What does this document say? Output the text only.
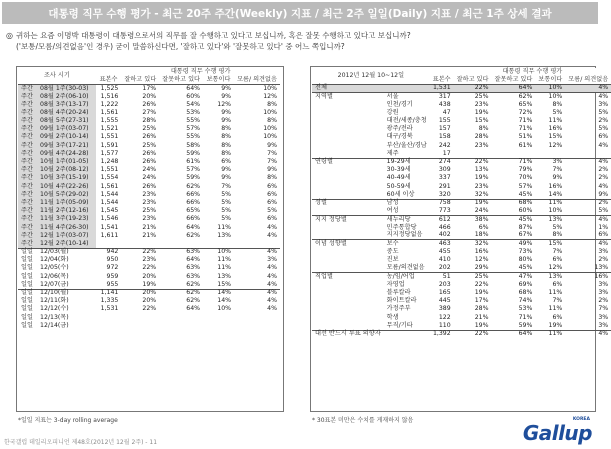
대통령 직무 수행 평가 - 최근 20주 주간(Weekly) 지표 / 최근 2주 일일(Daily) 지표 / 최근 1주 상세 결과
◎ 귀하는 요즘 이명박 대통령이 대통령으로서의 직무를 잘 수행하고 있다고 보십니까, 혹은 잘못 수행하고 있다고 보십니까?
('보통/모름/의견없음'인 경우) 굳이 말씀하신다면, '잘하고 있다'와 '잘못하고 있다' 중 어느 쪽입니까?
조사 시기			대통령 직무 수행 평가			
		표본수	잘하고 있다	잘못하고 있다	보통이다	모름/ 의견없음

주간	08월 1주(30-03)	1,525	17%	64%	9%	10%
주간	08월 2주(06-10)	1,516	20%	60%	9%	12%
주간	08월 3주(13-17)	1,222	26%	54%	12%	8%
주간	08월 4주(20-24)	1,561	27%	53%	9%	10%
주간	08월 5주(27-31)	1,555	28%	55%	9%	8%
주간	09월 1주(03-07)	1,521	25%	57%	8%	10%
주간	09월 2주(10-14)	1,551	26%	55%	8%	10%
주간	09월 3주(17-21)	1,591	25%	58%	8%	9%
주간	09월 4주(24-28)	1,577	26%	59%	8%	7%
주간	10월 1주(01-05)	1,248	26%	61%	6%	7%
주간	10월 2주(08-12)	1,551	24%	57%	9%	9%
주간	10월 3주(15-19)	1,554	24%	59%	9%	8%
주간	10월 4주(22-26)	1,561	26%	62%	7%	6%
주간	10월 5주(29-02)	1,544	23%	66%	5%	6%
주간	11월 1주(05-09)	1,544	23%	66%	5%	6%
주간	11월 2주(12-16)	1,545	25%	65%	5%	5%
주간	11월 3주(19-23)	1,546	23%	66%	5%	6%
주간	11월 4주(26-30)	1,541	21%	64%	11%	4%
주간	12월 1주(03-07)	1,611	21%	62%	13%	4%
주간	12월 2주(10-14)					
일일	12/03(월)	942	22%	63%	10%	4%
일일	12/04(화)	950	23%	64%	11%	3%
일일	12/05(수)	972	22%	63%	11%	4%
일일	12/06(목)	959	20%	63%	13%	4%
일일	12/07(금)	955	19%	62%	15%	4%
일일	12/10(월)	1,141	20%	62%	14%	4%
일일	12/11(화)	1,335	20%	62%	14%	4%
일일	12/12(수)	1,531	22%	64%	10%	4%
일일	12/13(목)					
일일	12/14(금)					
*일일 지표는 3-day rolling average
2012년 12월 10~12일			대통령 직무 수행 평가			
		표본수	잘하고 있다	잘못하고 있다	보통이다	모름/ 의견없음

전체		1,531	22%	64%	10%	4%
지역별	서울	317	25%	62%	10%	4%
	인천/경기	438	23%	65%	8%	3%
	강원	47	19%	72%	5%	5%
	대전/세종/충청	155	15%	71%	11%	2%
	광주/전라	157	8%	71%	16%	5%
	대구/경북	158	28%	51%	15%	6%
	부산/울산/경남	242	23%	61%	12%	4%
	제주	17				
연령별	19-29세	274	22%	71%	3%	4%
	30-39세	309	13%	79%	7%	2%
	40-49세	337	19%	70%	9%	2%
	50-59세	291	23%	57%	16%	4%
	60세 이상	320	32%	45%	14%	9%
성별	남성	758	19%	68%	11%	2%
	여성	773	24%	60%	10%	5%
지지 정당별	새누리당	612	38%	45%	13%	4%
	민주통합당	466	6%	87%	5%	1%
	지지정당없음	402	18%	67%	8%	6%
이념 성향별	보수	463	32%	49%	15%	4%
	중도	455	16%	73%	7%	3%
	진보	410	12%	80%	6%	2%
	모름/의견없음	202	29%	45%	12%	13%
직업별	농/임/어업	51	25%	47%	13%	16%
	자영업	203	22%	69%	6%	3%
	블루칼라	165	19%	68%	11%	3%
	화이트칼라	445	17%	74%	7%	2%
	가정주부	389	28%	53%	11%	7%
	학생	122	21%	71%	6%	3%
	무직/기타	110	19%	59%	19%	3%
대선 반드시 투표 의향자		1,392	22%	64%	11%	4%
* 30표본 미만은 수치를 게재하지 않음
한국갤럽 데일리오피니언 제48호(2012년 12월 2주) - 11
KOREA
Gallup
